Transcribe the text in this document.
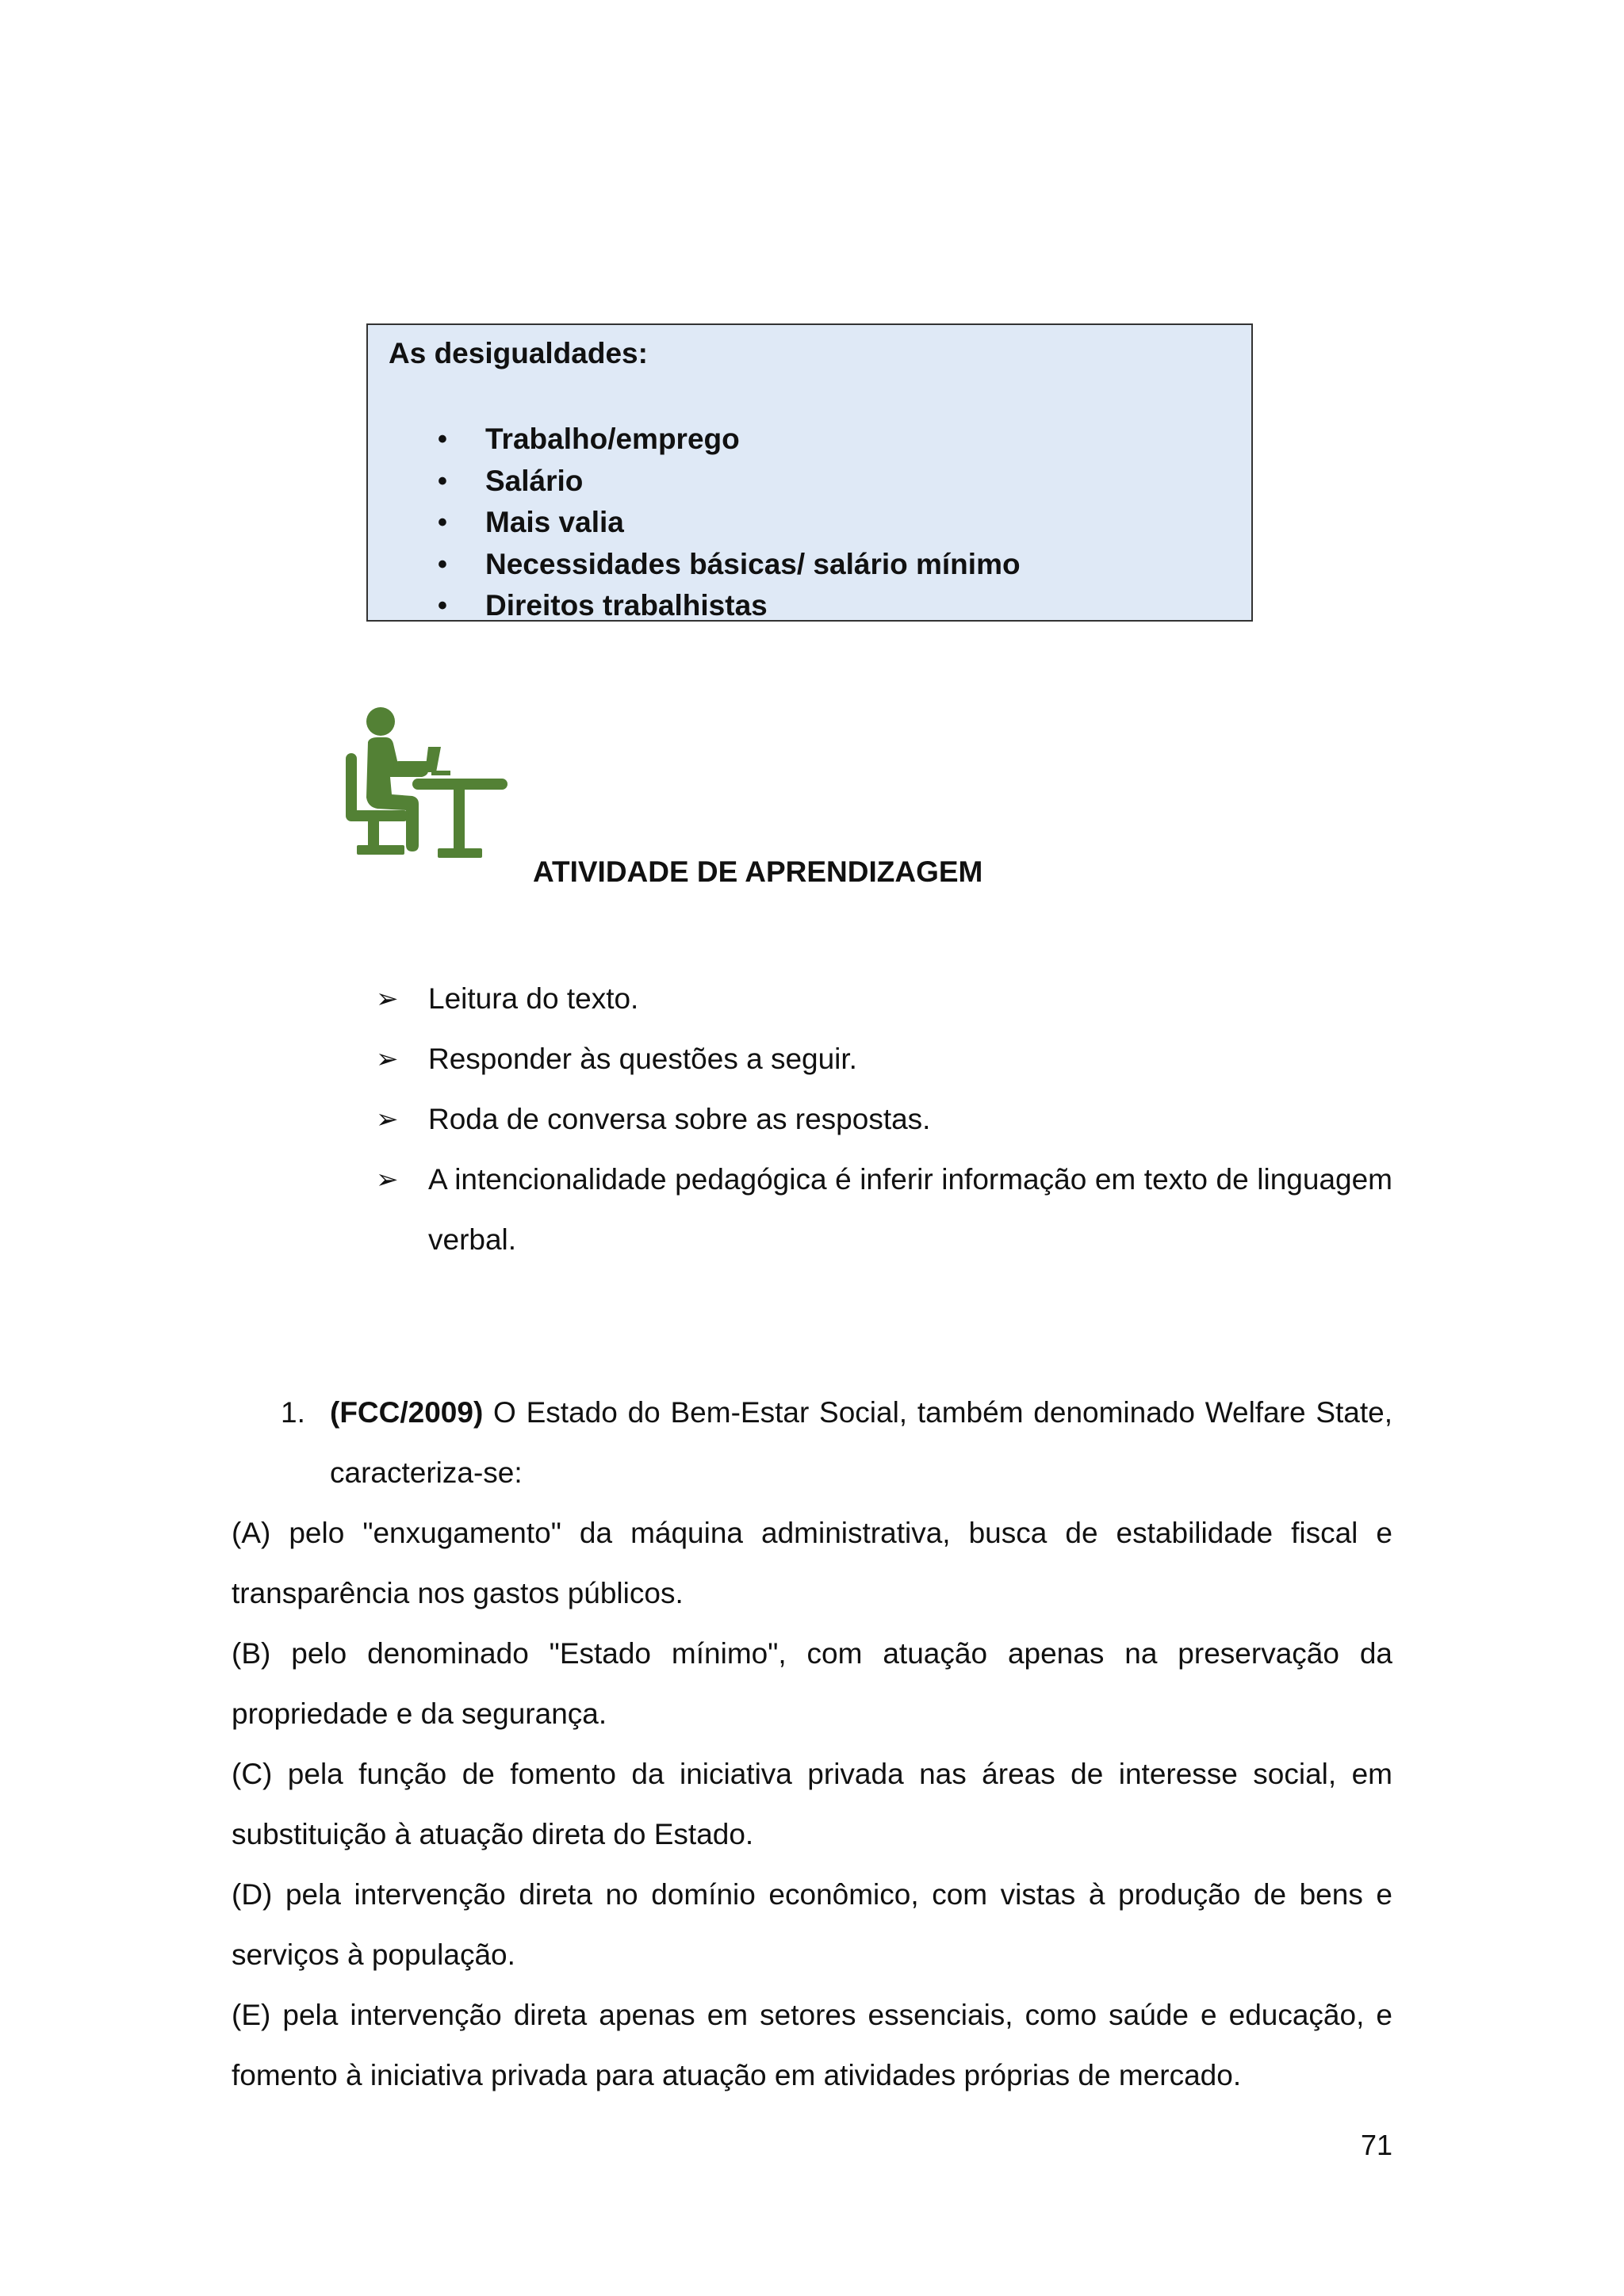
As desigualdades:
• Trabalho/emprego
• Salário
• Mais valia
• Necessidades básicas/ salário mínimo
• Direitos trabalhistas
ATIVIDADE DE APRENDIZAGEM
➢ Leitura do texto.
➢ Responder às questões a seguir.
➢ Roda de conversa sobre as respostas.
➢ A intencionalidade pedagógica é inferir informação em texto de linguagem verbal.
1. (FCC/2009) O Estado do Bem-Estar Social, também denominado Welfare State, caracteriza-se:
(A) pelo "enxugamento" da máquina administrativa, busca de estabilidade fiscal e transparência nos gastos públicos.
(B) pelo denominado "Estado mínimo", com atuação apenas na preservação da propriedade e da segurança.
(C) pela função de fomento da iniciativa privada nas áreas de interesse social, em substituição à atuação direta do Estado.
(D) pela intervenção direta no domínio econômico, com vistas à produção de bens e serviços à população.
(E) pela intervenção direta apenas em setores essenciais, como saúde e educação, e fomento à iniciativa privada para atuação em atividades próprias de mercado.
71
